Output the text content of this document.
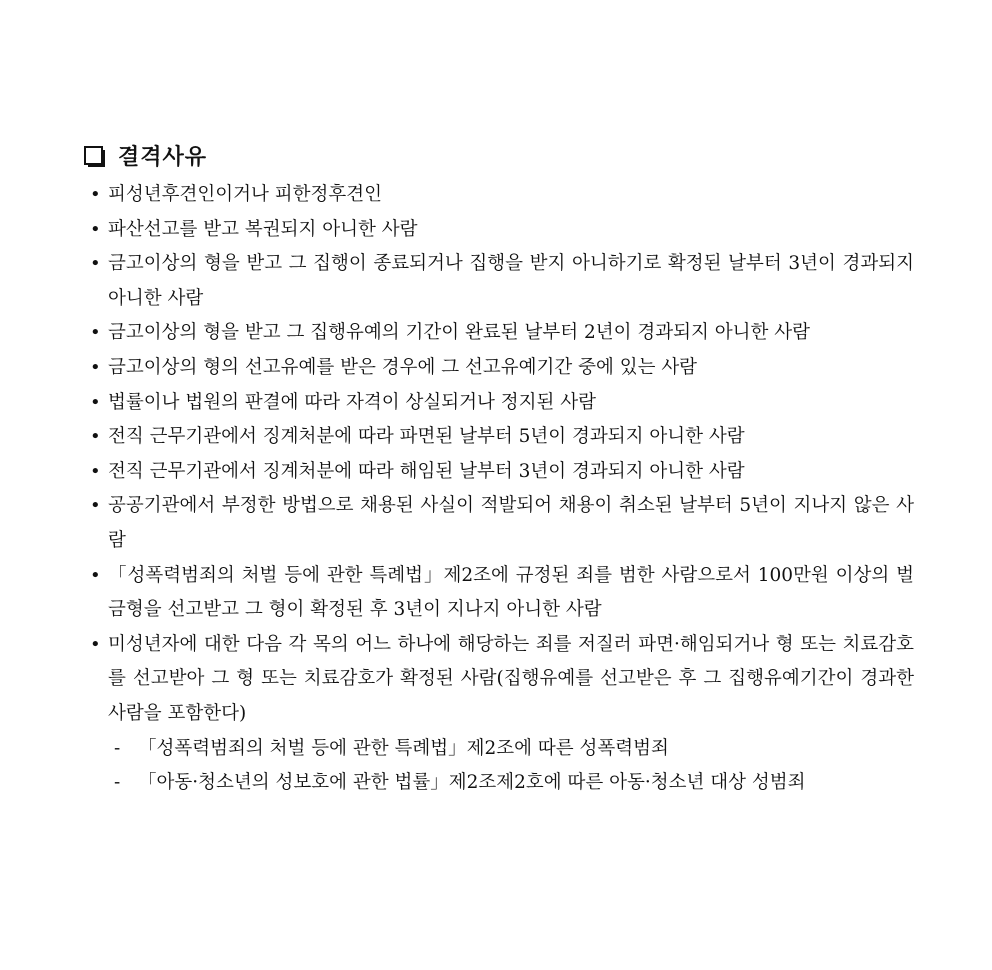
결격사유
• 피성년후견인이거나 피한정후견인
• 파산선고를 받고 복권되지 아니한 사람
• 금고이상의 형을 받고 그 집행이 종료되거나 집행을 받지 아니하기로 확정된 날부터 3년이 경과되지 아니한 사람
• 금고이상의 형을 받고 그 집행유예의 기간이 완료된 날부터 2년이 경과되지 아니한 사람
• 금고이상의 형의 선고유예를 받은 경우에 그 선고유예기간 중에 있는 사람
• 법률이나 법원의 판결에 따라 자격이 상실되거나 정지된 사람
• 전직 근무기관에서 징계처분에 따라 파면된 날부터 5년이 경과되지 아니한 사람
• 전직 근무기관에서 징계처분에 따라 해임된 날부터 3년이 경과되지 아니한 사람
• 공공기관에서 부정한 방법으로 채용된 사실이 적발되어 채용이 취소된 날부터 5년이 지나지 않은 사람
• 「성폭력범죄의 처벌 등에 관한 특례법」제2조에 규정된 죄를 범한 사람으로서 100만원 이상의 벌금형을 선고받고 그 형이 확정된 후 3년이 지나지 아니한 사람
• 미성년자에 대한 다음 각 목의 어느 하나에 해당하는 죄를 저질러 파면·해임되거나 형 또는 치료감호를 선고받아 그 형 또는 치료감호가 확정된 사람(집행유예를 선고받은 후 그 집행유예기간이 경과한 사람을 포함한다)
- 「성폭력범죄의 처벌 등에 관한 특례법」제2조에 따른 성폭력범죄
- 「아동·청소년의 성보호에 관한 법률」제2조제2호에 따른 아동·청소년 대상 성범죄
